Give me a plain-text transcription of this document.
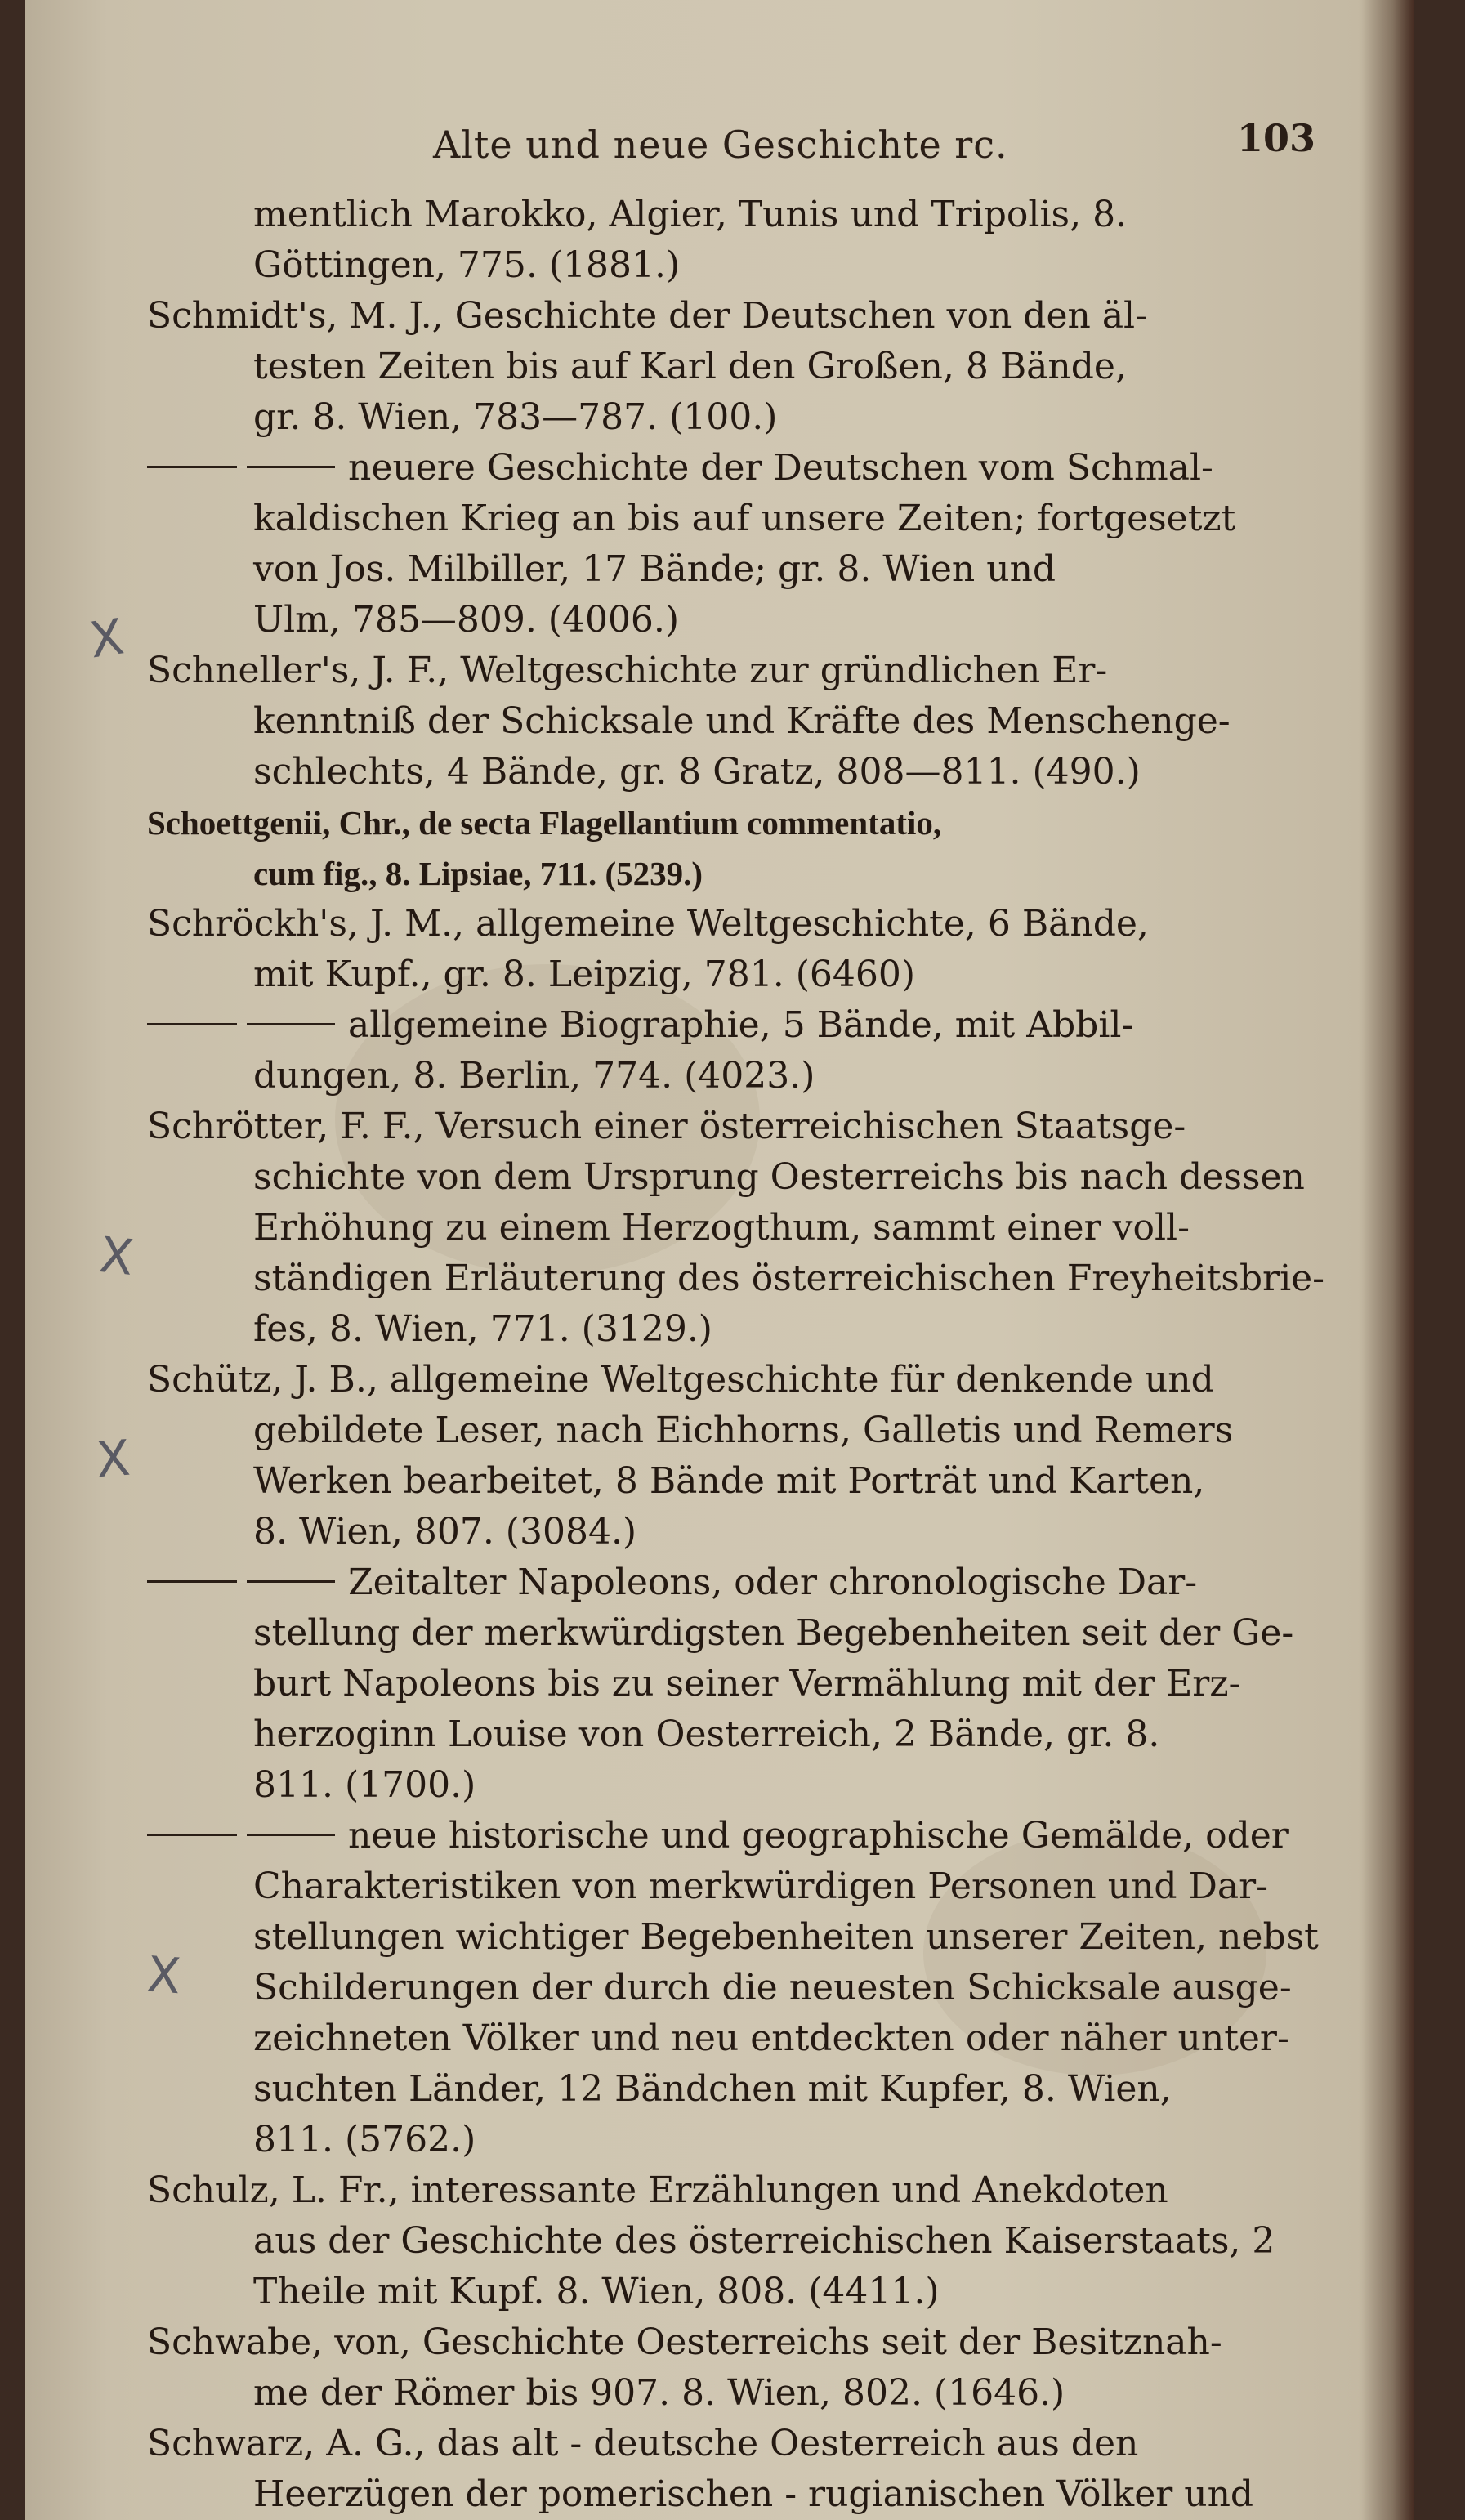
Alte und neue Geschichte rc.	103
mentlich Marokko, Algier, Tunis und Tripolis, 8.
Göttingen, 775. (1881.)
Schmidt's, M. J., Geschichte der Deutschen von den äl-
testen Zeiten bis auf Karl den Großen, 8 Bände,
gr. 8. Wien, 783—787. (100.)
neuere Geschichte der Deutschen vom Schmal-
kaldischen Krieg an bis auf unsere Zeiten; fortgesetzt
von Jos. Milbiller, 17 Bände; gr. 8. Wien und
Ulm, 785—809. (4006.)
Schneller's, J. F., Weltgeschichte zur gründlichen Er-
kenntniß der Schicksale und Kräfte des Menschenge-
schlechts, 4 Bände, gr. 8 Gratz, 808—811. (490.)
Schoettgenii, Chr., de secta Flagellantium commentatio,
cum fig., 8. Lipsiae, 711. (5239.)
Schröckh's, J. M., allgemeine Weltgeschichte, 6 Bände,
mit Kupf., gr. 8. Leipzig, 781. (6460)
allgemeine Biographie, 5 Bände, mit Abbil-
dungen, 8. Berlin, 774. (4023.)
Schrötter, F. F., Versuch einer österreichischen Staatsge-
schichte von dem Ursprung Oesterreichs bis nach dessen
Erhöhung zu einem Herzogthum, sammt einer voll-
ständigen Erläuterung des österreichischen Freyheitsbrie-
fes, 8. Wien, 771. (3129.)
Schütz, J. B., allgemeine Weltgeschichte für denkende und
gebildete Leser, nach Eichhorns, Galletis und Remers
Werken bearbeitet, 8 Bände mit Porträt und Karten,
8. Wien, 807. (3084.)
Zeitalter Napoleons, oder chronologische Dar-
stellung der merkwürdigsten Begebenheiten seit der Ge-
burt Napoleons bis zu seiner Vermählung mit der Erz-
herzoginn Louise von Oesterreich, 2 Bände, gr. 8.
811. (1700.)
neue historische und geographische Gemälde, oder
Charakteristiken von merkwürdigen Personen und Dar-
stellungen wichtiger Begebenheiten unserer Zeiten, nebst
Schilderungen der durch die neuesten Schicksale ausge-
zeichneten Völker und neu entdeckten oder näher unter-
suchten Länder, 12 Bändchen mit Kupfer, 8. Wien,
811. (5762.)
Schulz, L. Fr., interessante Erzählungen und Anekdoten
aus der Geschichte des österreichischen Kaiserstaats, 2
Theile mit Kupf. 8. Wien, 808. (4411.)
Schwabe, von, Geschichte Oesterreichs seit der Besitznah-
me der Römer bis 907. 8. Wien, 802. (1646.)
Schwarz, A. G., das alt - deutsche Oesterreich aus den
Heerzügen der pomerischen - rugianischen Völker und
X
X
X
X
